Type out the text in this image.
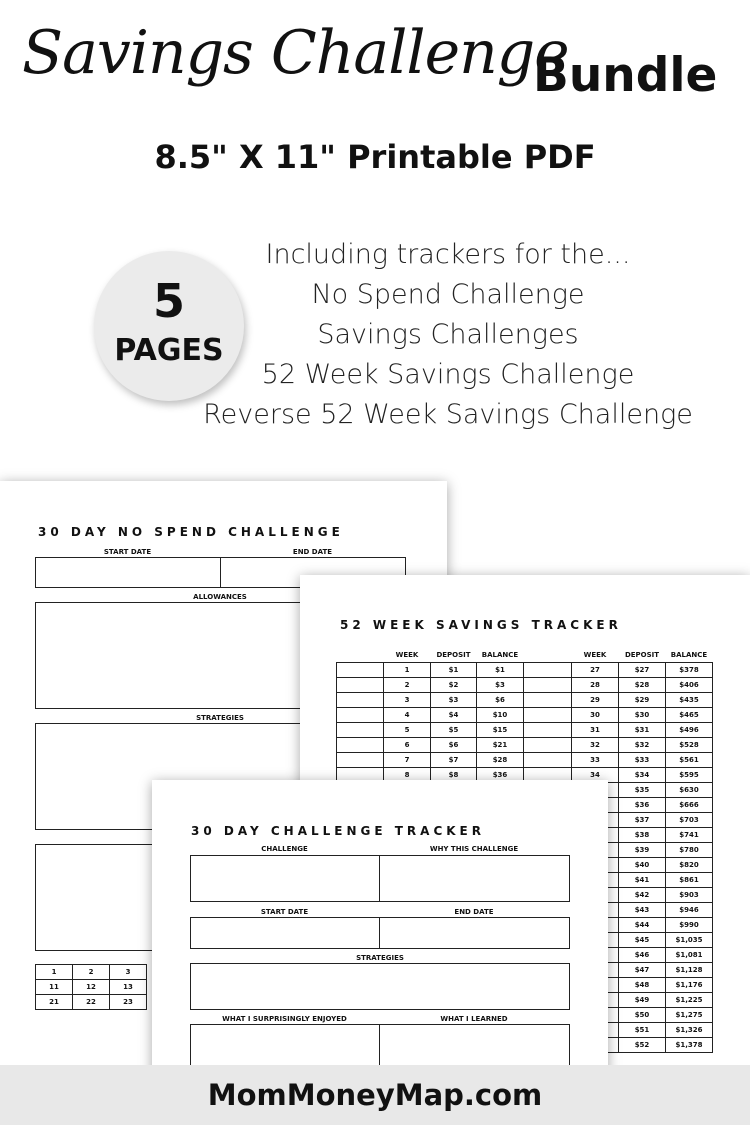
Savings Challenge
Bundle
8.5" X 11" Printable PDF
5
PAGES
Including trackers for the...
No Spend Challenge
Savings Challenges
52 Week Savings Challenge
Reverse 52 Week Savings Challenge
30 DAY NO SPEND CHALLENGE
START DATE	END DATE
ALLOWANCES
STRATEGIES
1	2	3
11	12	13
21	22	23
52 WEEK SAVINGS TRACKER
	WEEK	DEPOSIT	BALANCE		WEEK	DEPOSIT	BALANCE
	1	$1	$1		27	$27	$378
	2	$2	$3		28	$28	$406
	3	$3	$6		29	$29	$435
	4	$4	$10		30	$30	$465
	5	$5	$15		31	$31	$496
	6	$6	$21		32	$32	$528
	7	$7	$28		33	$33	$561
	8	$8	$36		34	$34	$595
						$35	$630
						$36	$666
						$37	$703
						$38	$741
						$39	$780
						$40	$820
						$41	$861
						$42	$903
						$43	$946
						$44	$990
						$45	$1,035
						$46	$1,081
						$47	$1,128
						$48	$1,176
						$49	$1,225
						$50	$1,275
						$51	$1,326
						$52	$1,378
30 DAY CHALLENGE TRACKER
CHALLENGE	WHY THIS CHALLENGE
START DATE	END DATE
STRATEGIES
WHAT I SURPRISINGLY ENJOYED	WHAT I LEARNED
MomMoneyMap.com
